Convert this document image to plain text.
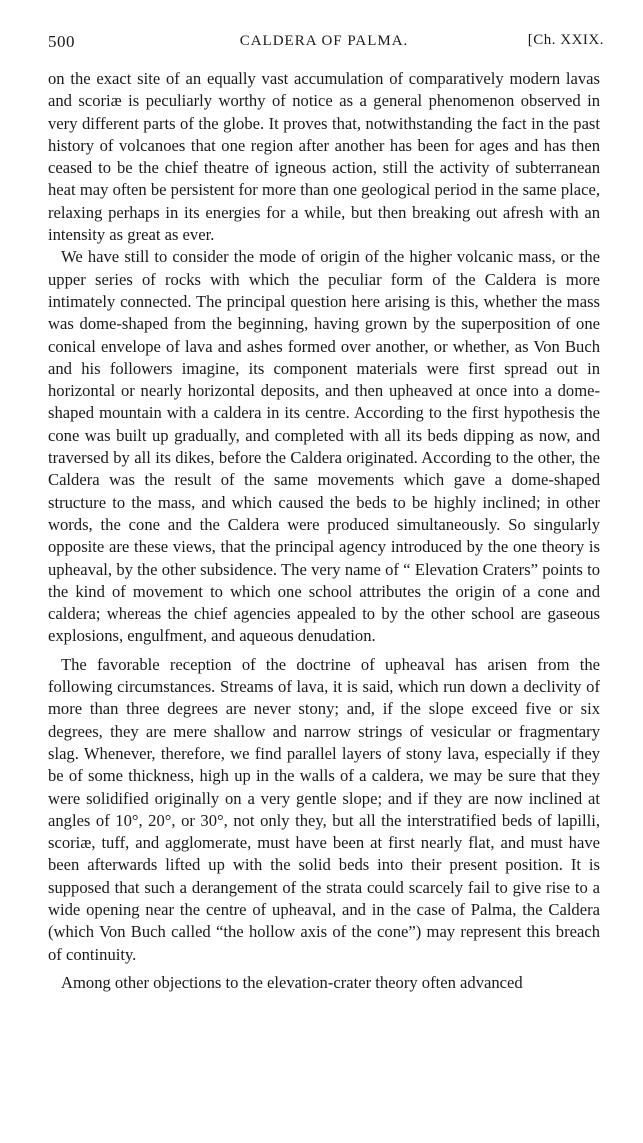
500	CALDERA OF PALMA.	[Ch. XXIX.

on the exact site of an equally vast accumulation of comparatively modern lavas and scoriæ is peculiarly worthy of notice as a general phenomenon observed in very different parts of the globe. It proves that, notwithstanding the fact in the past history of volcanoes that one region after another has been for ages and has then ceased to be the chief theatre of igneous action, still the activity of subterranean heat may often be persistent for more than one geological period in the same place, relaxing perhaps in its energies for a while, but then breaking out afresh with an intensity as great as ever.

We have still to consider the mode of origin of the higher volcanic mass, or the upper series of rocks with which the peculiar form of the Caldera is more intimately connected. The principal question here arising is this, whether the mass was dome-shaped from the beginning, having grown by the superposition of one conical envelope of lava and ashes formed over another, or whether, as Von Buch and his followers imagine, its component materials were first spread out in horizontal or nearly horizontal deposits, and then upheaved at once into a dome-shaped mountain with a caldera in its centre. According to the first hypothesis the cone was built up gradually, and completed with all its beds dipping as now, and traversed by all its dikes, before the Caldera originated. According to the other, the Caldera was the result of the same movements which gave a dome-shaped structure to the mass, and which caused the beds to be highly inclined; in other words, the cone and the Caldera were produced simultaneously. So singularly opposite are these views, that the principal agency introduced by the one theory is upheaval, by the other subsidence. The very name of “ Elevation Craters” points to the kind of movement to which one school attributes the origin of a cone and caldera; whereas the chief agencies appealed to by the other school are gaseous explosions, engulfment, and aqueous denudation.

The favorable reception of the doctrine of upheaval has arisen from the following circumstances. Streams of lava, it is said, which run down a declivity of more than three degrees are never stony; and, if the slope exceed five or six degrees, they are mere shallow and narrow strings of vesicular or fragmentary slag. Whenever, therefore, we find parallel layers of stony lava, especially if they be of some thickness, high up in the walls of a caldera, we may be sure that they were solidified originally on a very gentle slope; and if they are now inclined at angles of 10°, 20°, or 30°, not only they, but all the interstratified beds of lapilli, scoriæ, tuff, and agglomerate, must have been at first nearly flat, and must have been afterwards lifted up with the solid beds into their present position. It is supposed that such a derangement of the strata could scarcely fail to give rise to a wide opening near the centre of upheaval, and in the case of Palma, the Caldera (which Von Buch called “the hollow axis of the cone”) may represent this breach of continuity.

Among other objections to the elevation-crater theory often advanced
